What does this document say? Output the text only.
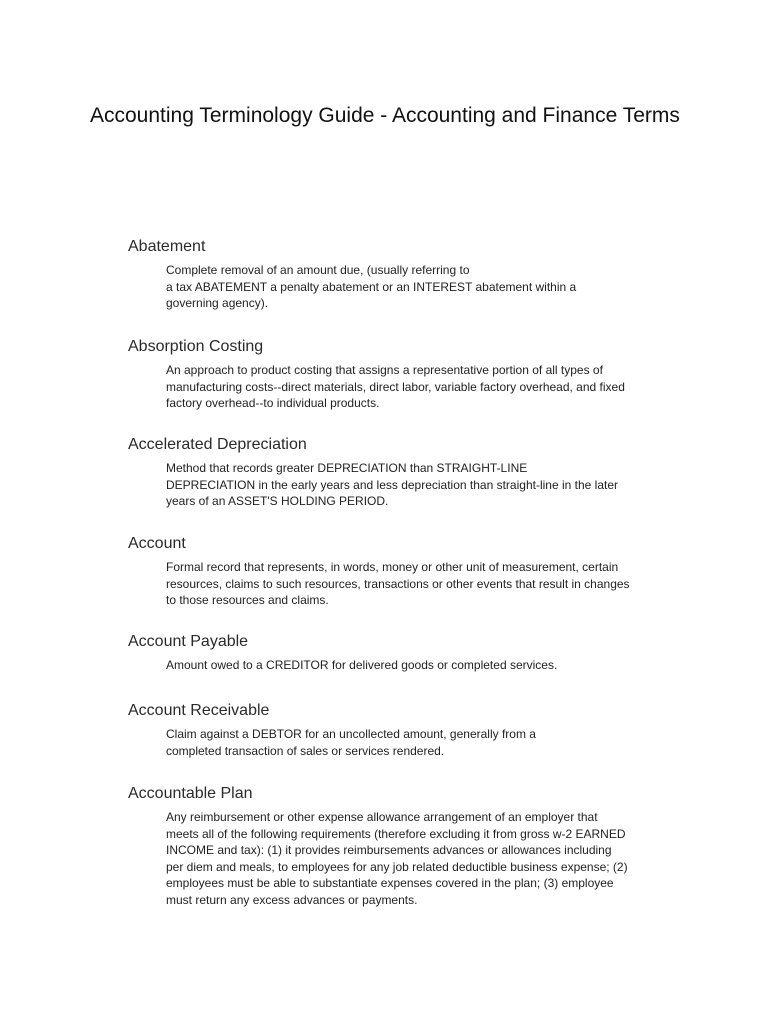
Accounting Terminology Guide - Accounting and Finance Terms
Abatement

Complete removal of an amount due, (usually referring to
a tax ABATEMENT a penalty abatement or an INTEREST abatement within a
governing agency).

Absorption Costing

An approach to product costing that assigns a representative portion of all types of
manufacturing costs--direct materials, direct labor, variable factory overhead, and fixed
factory overhead--to individual products.

Accelerated Depreciation

Method that records greater DEPRECIATION than STRAIGHT-LINE
DEPRECIATION in the early years and less depreciation than straight-line in the later
years of an ASSET'S HOLDING PERIOD.

Account

Formal record that represents, in words, money or other unit of measurement, certain
resources, claims to such resources, transactions or other events that result in changes
to those resources and claims.

Account Payable

Amount owed to a CREDITOR for delivered goods or completed services.

Account Receivable

Claim against a DEBTOR for an uncollected amount, generally from a
completed transaction of sales or services rendered.

Accountable Plan

Any reimbursement or other expense allowance arrangement of an employer that
meets all of the following requirements (therefore excluding it from gross w-2 EARNED
INCOME and tax): (1) it provides reimbursements advances or allowances including
per diem and meals, to employees for any job related deductible business expense; (2)
employees must be able to substantiate expenses covered in the plan; (3) employee
must return any excess advances or payments.
